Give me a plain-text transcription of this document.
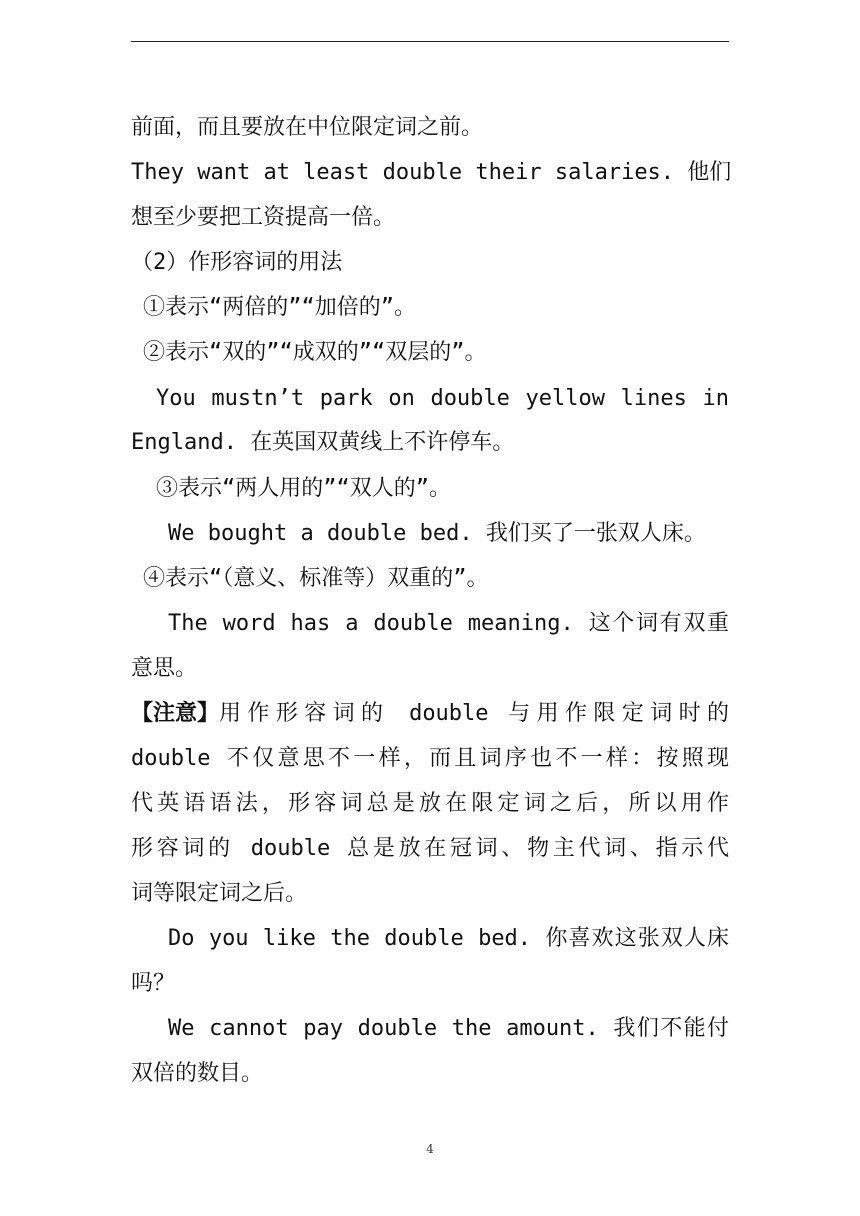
前面，而且要放在中位限定词之前。
They want at least double their salaries. 他们
想至少要把工资提高一倍。
（2）作形容词的用法
①表示“两倍的”“加倍的”。
②表示“双的”“成双的”“双层的”。
You mustn’t park on double yellow lines in
England. 在英国双黄线上不许停车。
③表示“两人用的”“双人的”。
We bought a double bed. 我们买了一张双人床。
④表示“（意义、标准等）双重的”。
The word has a double meaning. 这个词有双重
意思。
【注意】 用作形容词的 double 与用作限定词时的
double 不仅意思不一样，而且词序也不一样：按照现
代英语语法，形容词总是放在限定词之后，所以用作
形容词的 double 总是放在冠词、物主代词、指示代
词等限定词之后。
Do you like the double bed. 你喜欢这张双人床
吗？
We cannot pay double the amount. 我们不能付
双倍的数目。
4
